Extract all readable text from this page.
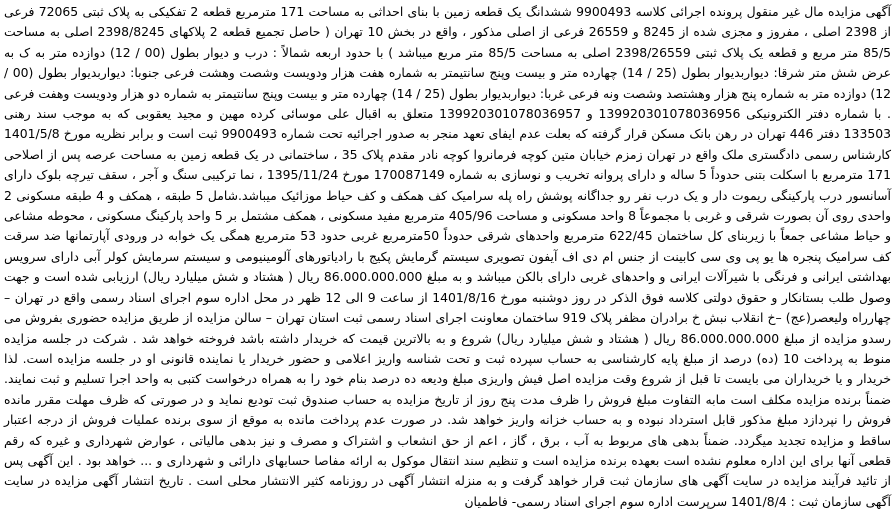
آگهی مزایده مال غیر منقول پرونده اجرائی کلاسه 9900493 ششدانگ یک قطعه زمین با بنای احداثی به مساحت 171 مترمربع قطعه 2 تفکیکی به پلاک ثبتی 72065 فرعی از 2398 اصلی ، مفروز و مجزی شده از 8245 و 26559 فرعی از اصلی مذکور ، واقع در بخش 10 تهران ( حاصل تجمیع قطعه 2 پلاکهای 2398/8245 اصلی به مساحت 85/5 متر مربع و قطعه یک پلاک ثبتی 2398/26559 اصلی به مساحت 85/5 متر مربع میباشد ) با حدود اربعه شمالاً : درب و دیوار بطول (00 / 12) دوازده متر به ک به عرض شش متر شرقا: دیواربدیوار بطول (25 / 14) چهارده متر و بیست وپنج سانتیمتر به شماره هفت هزار ودویست وشصت وهشت فرعی جنوبا: دیواربدیوار بطول (00 / 12) دوازده متر به شماره پنج هزار وهشتصد وشصت ونه فرعی غربا: دیواربدیوار بطول (25 / 14) چهارده متر و بیست وپنج سانتیمتر به شماره دو هزار ودویست وهفت فرعی . با شماره دفتر الکترونیکی 139920301078036956 و 139920301078036957 متعلق به اقبال علی موسائی کرده مهین و مجید یعقوبی که به موجب سند رهنی 133503 دفتر 446 تهران در رهن بانک مسکن قرار گرفته که بعلت عدم ایفای تعهد منجر به صدور اجرائیه تحت شماره 9900493 ثبت است و برابر نظریه مورخ 1401/5/8 کارشناس رسمی دادگستری ملک واقع در تهران زمزم خیابان متین کوچه فرمانروا کوچه نادر مقدم پلاک 35 ، ساختمانی در یک قطعه زمین به مساحت عرصه پس از اصلاحی 171 مترمربع با اسکلت بتنی حدوداً 5 ساله و دارای پروانه تخریب و نوسازی به شماره 170087149 مورخ 1395/11/24 ، نما ترکیبی سنگ و آجر ، سقف تیرچه بلوک دارای آسانسور درب پارکینگی ریموت دار و یک درب نفر رو جداگانه پوشش راه پله سرامیک کف همکف و کف حیاط موزائیک میباشد.شامل 5 طبقه ، همکف و 4 طبقه مسکونی 2 واحدی روی آن بصورت شرقی و غربی با مجموعاً 8 واحد مسکونی و مساحت 405/96 مترمربع مفید مسکونی ، همکف مشتمل بر 5 واحد پارکینگ مسکونی ، محوطه مشاعی و حیاط مشاعی جمعاً با زیربنای کل ساختمان 622/45 مترمربع واحدهای شرقی حدوداً 50مترمربع غربی حدود 53 مترمربع همگی یک خوابه در ورودی آپارتمانها ضد سرقت کف سرامیک پنجره ها یو پی وی سی کابینت از جنس ام دی اف آیفون تصویری سیستم گرمایش پکیج با رادیاتورهای آلومینیومی و سیستم سرمایش کولر آبی دارای سرویس بهداشتی ایرانی و فرنگی با شیرآلات ایرانی و واحدهای غربی دارای بالکن میباشد و به مبلغ 86.000.000.000 ریال ( هشتاد و شش میلیارد ریال) ارزیابی شده است و جهت وصول طلب بستانکار و حقوق دولتی کلاسه فوق الذکر در روز دوشنبه مورخ 1401/8/16 از ساعت 9 الی 12 ظهر در محل اداره سوم اجرای اسناد رسمی واقع در تهران – چهارراه ولیعصر(عج) –خ انقلاب نبش خ برادران مظفر پلاک 919 ساختمان معاونت اجرای اسناد رسمی ثبت استان تهران – سالن مزایده از طریق مزایده حضوری بفروش می رسدو مزایده از مبلغ 86.000.000.000 ریال ( هشتاد و شش میلیارد ریال) شروع و به بالاترین قیمت که خریدار داشته باشد فروخته خواهد شد . شرکت در جلسه مزایده منوط به پرداخت 10 (ده) درصد از مبلغ پایه کارشناسی به حساب سپرده ثبت و تحت شناسه واریز اعلامی و حضور خریدار یا نماینده قانونی او در جلسه مزایده است. لذا خریدار و یا خریداران می بایست تا قبل از شروع وقت مزایده اصل فیش واریزی مبلغ ودیعه ده درصد بنام خود را به همراه درخواست کتبی به واحد اجرا تسلیم و ثبت نمایند. ضمناً برنده مزایده مکلف است مابه التفاوت مبلغ فروش را ظرف مدت پنج روز از تاریخ مزایده به حساب صندوق ثبت تودیع نماید و در صورتی که ظرف مهلت مقرر مانده فروش را نپردازد مبلغ مذکور قابل استرداد نبوده و به حساب خزانه واریز خواهد شد. در صورت عدم پرداخت مانده به موقع از سوی برنده عملیات فروش از درجه اعتبار ساقط و مزایده تجدید میگردد. ضمناً بدهی های مربوط به آب ، برق ، گاز ، اعم از حق انشعاب و اشتراک و مصرف و نیز بدهی مالیاتی ، عوارض شهرداری و غیره که رقم قطعی آنها برای این اداره معلوم نشده است بعهده برنده مزایده است و تنظیم سند انتقال موکول به ارائه مفاصا حسابهای دارائی و شهرداری و ... خواهد بود . این آگهی پس از تائید فرآیند مزایده در سایت آگهی های سازمان ثبت قرار خواهد گرفت و به منزله انتشار آگهی در روزنامه کثیر الانتشار محلی است . تاریخ انتشار آگهی مزایده در سایت آگهی سازمان ثبت : 1401/8/4 سرپرست اداره سوم اجرای اسناد رسمی- فاطمیان
